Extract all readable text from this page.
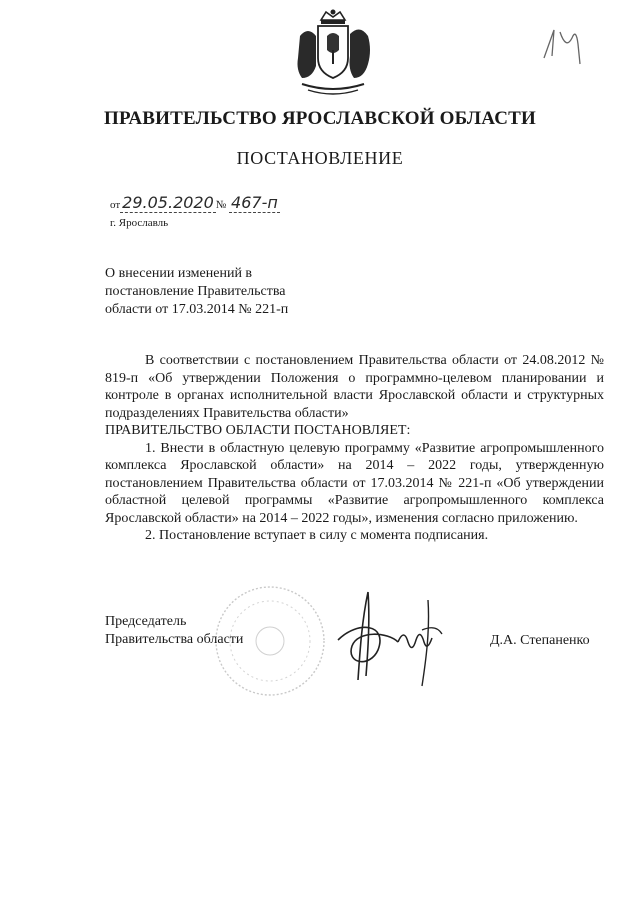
ПРАВИТЕЛЬСТВО ЯРОСЛАВСКОЙ ОБЛАСТИ
ПОСТАНОВЛЕНИЕ
от 29.05.2020 № 467-п
г. Ярославль
О внесении изменений в
постановление Правительства
области от 17.03.2014 № 221-п

В соответствии с постановлением Правительства области от 24.08.2012 № 819-п «Об утверждении Положения о программно-целевом планировании и контроле в органах исполнительной власти Ярославской области и структурных подразделениях Правительства области»

ПРАВИТЕЛЬСТВО ОБЛАСТИ ПОСТАНОВЛЯЕТ:

1. Внести в областную целевую программу «Развитие агропромышленного комплекса Ярославской области» на 2014 – 2022 годы, утвержденную постановлением Правительства области от 17.03.2014 № 221-п «Об утверждении областной целевой программы «Развитие агропромышленного комплекса Ярославской области» на 2014 – 2022 годы», изменения согласно приложению.

2. Постановление вступает в силу с момента подписания.

Председатель
Правительства области	Д.А. Степаненко
